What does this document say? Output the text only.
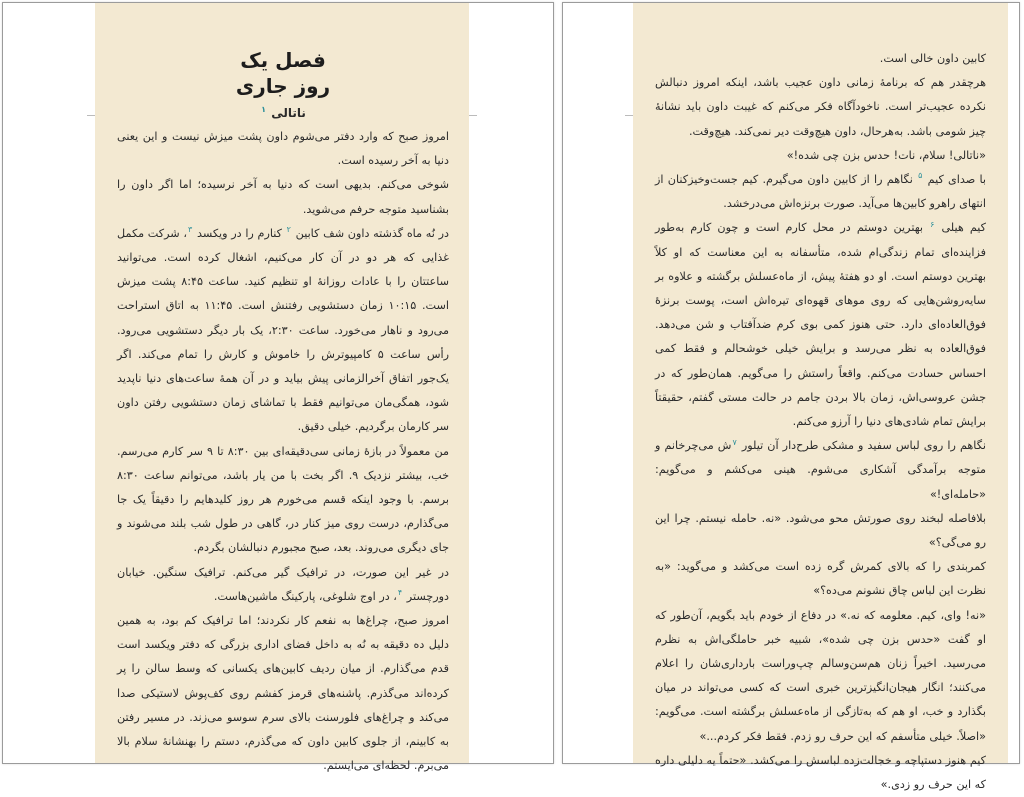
فصل یک
روز جاری
ناتالی $^۱$

امروز صبح که وارد دفتر می‌شوم داون پشت میزش نیست و این یعنی دنیا به آخر رسیده است.

شوخی می‌کنم. بدیهی است که دنیا به آخر نرسیده؛ اما اگر داون را بشناسید متوجه حرفم می‌شوید.

در نُه ماه گذشته داون شف کابین $^۲$ کنارم را در ویکسد $^۳$، شرکت مکمل غذایی که هر دو در آن کار می‌کنیم، اشغال کرده است. می‌توانید ساعتتان را با عادات روزانهٔ او تنظیم کنید. ساعت ۸:۴۵ پشت میزش است. ۱۰:۱۵ زمان دستشویی رفتنش است. ۱۱:۴۵ به اتاق استراحت می‌رود و ناهار می‌خورد. ساعت ۲:۳۰، یک بار دیگر دستشویی می‌رود. رأس ساعت ۵ کامپیوترش را خاموش و کارش را تمام می‌کند. اگر یک‌جور اتفاق آخرالزمانی پیش بیاید و در آن همهٔ ساعت‌های دنیا ناپدید شود، همگی‌مان می‌توانیم فقط با تماشای زمان دستشویی رفتن داون سر کارمان برگردیم. خیلی دقیق.

من معمولاً در بازهٔ زمانی سی‌دقیقه‌ای بین ۸:۳۰ تا ۹ سر کارم می‌رسم. خب، بیشتر نزدیک ۹. اگر بخت با من یار باشد، می‌توانم ساعت ۸:۳۰ برسم. با وجود اینکه قسم می‌خورم هر روز کلیدهایم را دقیقاً یک جا می‌گذارم، درست روی میز کنار در، گاهی در طول شب بلند می‌شوند و جای دیگری می‌روند. بعد، صبح مجبورم دنبالشان بگردم.

در غیر این صورت، در ترافیک گیر می‌کنم. ترافیک سنگین. خیابان دورچستر $^۴$، در اوج شلوغی، پارکینگ ماشین‌هاست.

امروز صبح، چراغ‌ها به نفعم کار نکردند؛ اما ترافیک کم بود، به همین دلیل ده دقیقه به نُه به داخل فضای اداری بزرگی که دفتر ویکسد است قدم می‌گذارم. از میان ردیف کابین‌های یکسانی که وسط سالن را پر کرده‌اند می‌گذرم. پاشنه‌های قرمز کفشم روی کف‌پوش لاستیکی صدا می‌کند و چراغ‌های فلورسنت بالای سرم سوسو می‌زند. در مسیر رفتن به کابینم، از جلوی کابین داون که می‌گذرم، دستم را بهنشانهٔ سلام بالا می‌برم. لحظه‌ای می‌ایستم.

کابین داون خالی است.

هرچقدر هم که برنامهٔ زمانی داون عجیب باشد، اینکه امروز دنبالش نکرده عجیب‌تر است. ناخودآگاه فکر می‌کنم که غیبت داون باید نشانهٔ چیز شومی باشد. به‌هرحال، داون هیچ‌وقت دیر نمی‌کند. هیچ‌وقت.

«ناتالی! سلام، نات! حدس بزن چی شده!»

با صدای کیم $^۵$ نگاهم را از کابین داون می‌گیرم. کیم جست‌وخیزکنان از انتهای راهرو کابین‌ها می‌آید. صورت برنزه‌اش می‌درخشد.

کیم هیلی $^۶$ بهترین دوستم در محل کارم است و چون کارم به‌طور فزاینده‌ای تمام زندگی‌ام شده، متأسفانه به این معناست که او کلاً بهترین دوستم است. او دو هفتهٔ پیش، از ماه‌عسلش برگشته و علاوه بر سایه‌روشن‌هایی که روی موهای قهوه‌ای تیره‌اش است، پوست برنزهٔ فوق‌العاده‌ای دارد. حتی هنوز کمی بوی کرم ضدآفتاب و شن می‌دهد. فوق‌العاده به نظر می‌رسد و برایش خیلی خوشحالم و فقط کمی احساس حسادت می‌کنم. واقعاً راستش را می‌گویم. همان‌طور که در جشن عروسی‌اش، زمان بالا بردن جامم در حالت مستی گفتم، حقیقتاً برایش تمام شادی‌های دنیا را آرزو می‌کنم.

نگاهم را روی لباس سفید و مشکی طرح‌دار آن تیلور $^۷$ش می‌چرخانم و متوجه برآمدگی آشکاری می‌شوم. هینی می‌کشم و می‌گویم: «حامله‌ای!»

بلافاصله لبخند روی صورتش محو می‌شود. «نه. حامله نیستم. چرا این رو می‌گی؟»

کمربندی را که بالای کمرش گره زده است می‌کشد و می‌گوید: «به نظرت این لباس چاق نشونم می‌ده؟»

«نه! وای، کیم. معلومه که نه.» در دفاع از خودم باید بگویم، آن‌طور که او گفت «حدس بزن چی شده»، شبیه خبر حاملگی‌اش به نظرم می‌رسید. اخیراً زنان هم‌سن‌وسالم چپ‌وراست بارداری‌شان را اعلام می‌کنند؛ انگار هیجان‌انگیزترین خبری است که کسی می‌تواند در میان بگذارد و خب، او هم که به‌تازگی از ماه‌عسلش برگشته است. می‌گویم: «اصلاً. خیلی متأسفم که این حرف رو زدم. فقط فکر کردم...»

کیم هنوز دستپاچه و خجالت‌زده لباسش را می‌کشد. «حتماً یه دلیلی داره که این حرف رو زدی.»
